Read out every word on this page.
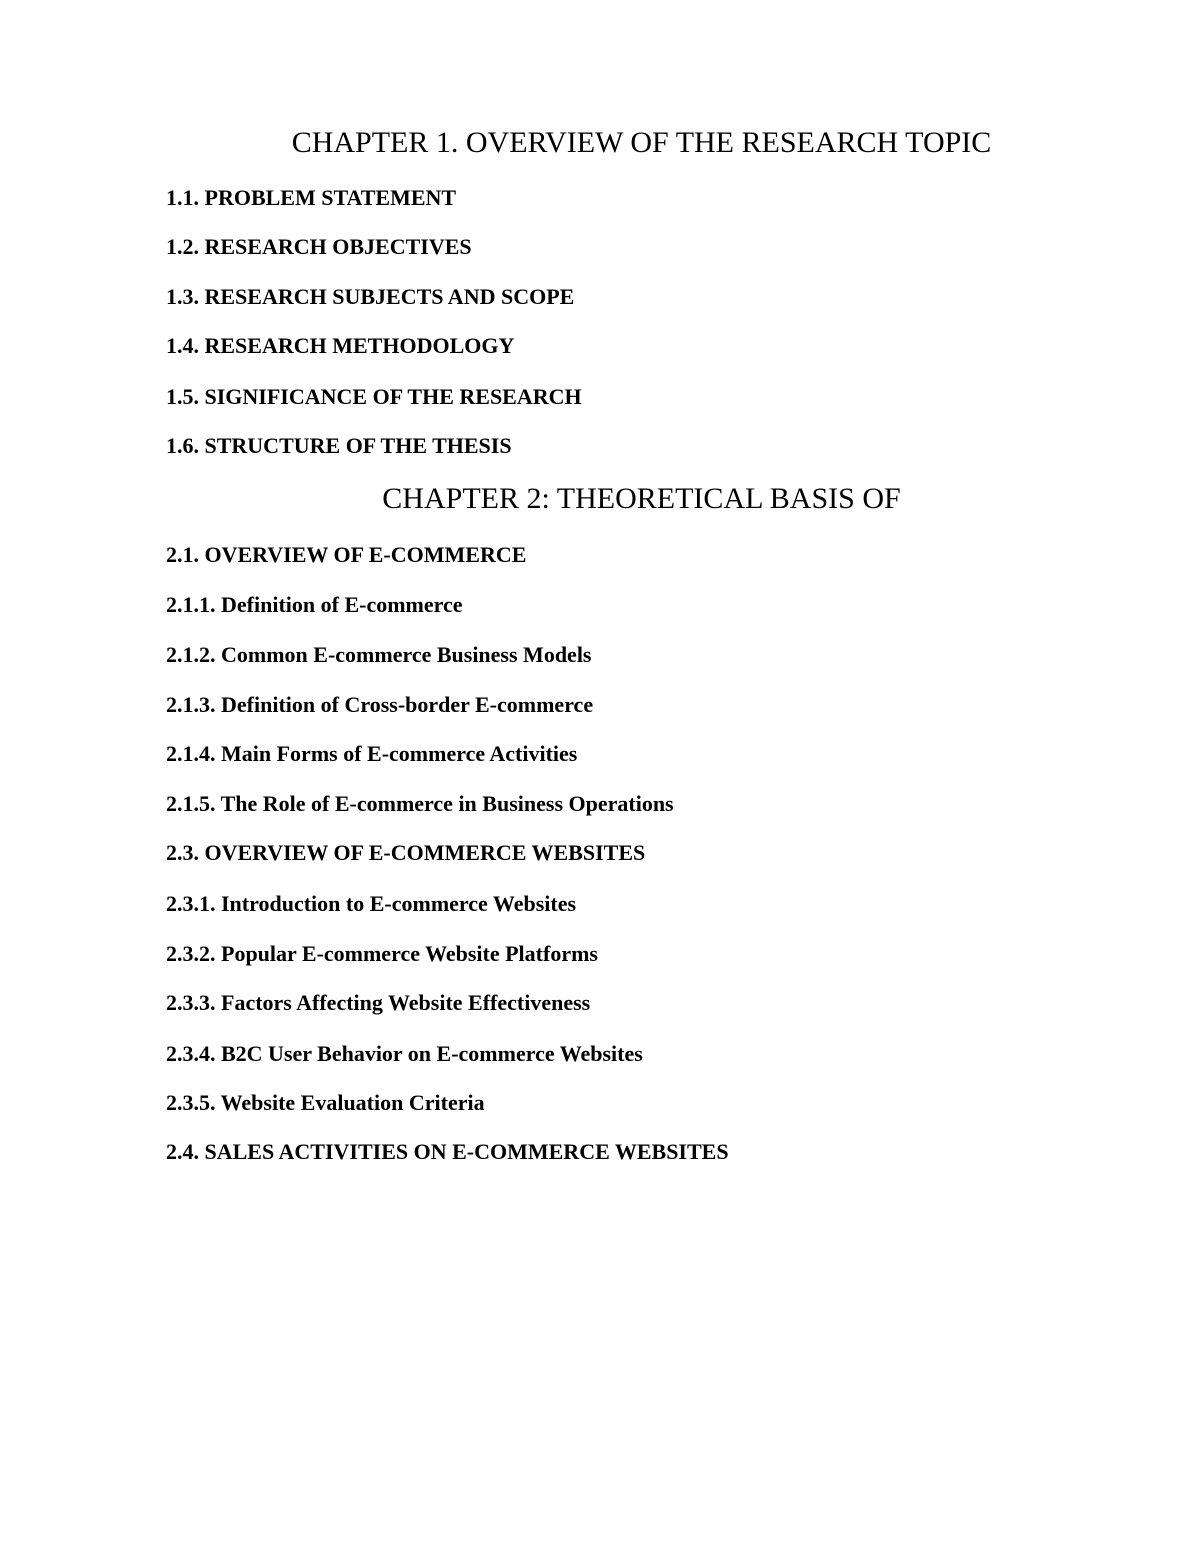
CHAPTER 1. OVERVIEW OF THE RESEARCH TOPIC
1.1. PROBLEM STATEMENT
1.2. RESEARCH OBJECTIVES
1.3. RESEARCH SUBJECTS AND SCOPE
1.4. RESEARCH METHODOLOGY
1.5. SIGNIFICANCE OF THE RESEARCH
1.6. STRUCTURE OF THE THESIS
CHAPTER 2: THEORETICAL BASIS OF
2.1. OVERVIEW OF E-COMMERCE
2.1.1. Definition of E-commerce
2.1.2. Common E-commerce Business Models
2.1.3. Definition of Cross-border E-commerce
2.1.4. Main Forms of E-commerce Activities
2.1.5. The Role of E-commerce in Business Operations
2.3. OVERVIEW OF E-COMMERCE WEBSITES
2.3.1. Introduction to E-commerce Websites
2.3.2. Popular E-commerce Website Platforms
2.3.3. Factors Affecting Website Effectiveness
2.3.4. B2C User Behavior on E-commerce Websites
2.3.5. Website Evaluation Criteria
2.4. SALES ACTIVITIES ON E-COMMERCE WEBSITES
